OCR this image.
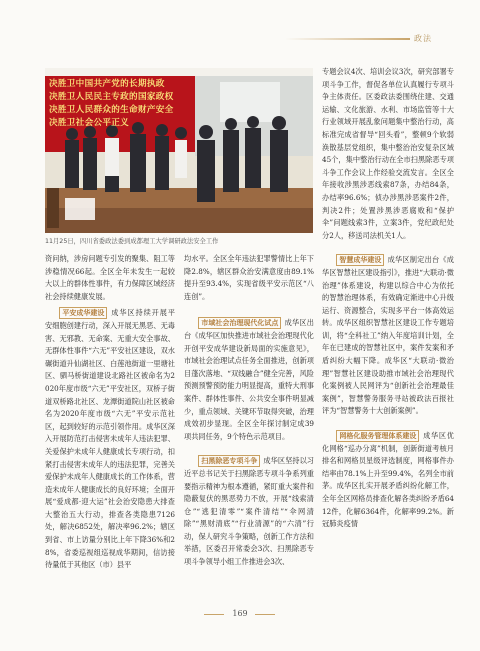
政法
决胜卫中国共产党的长期执政
决胜卫人民民主专政的国家政权
决胜卫人民群众的生命财产安全
决胜卫社会公平正义
11月25日，四川省委政法委到成都理工大学调研政法安全工作

资问纳，涉房问题专引发的聚集、阻工等涉稳情况66起。全区全年未发生一起较大以上的群体性事件，有力保障区域经济社会持续健康发展。

平安成华建设 成华区持续开展平安细胞创建行动，深入开展无黑恶、无毒害、无邪教、无命案、无重大安全事故、无群体性事件“六无”平安社区建设，双水碾街道升仙湖社区、白莲池街道一里塘社区、驷马桥街道建设北路社区被命名为2020年度市级“六无”平安社区，双桥子街道双桥路北社区、龙潭街道院山社区被命名为2020年度市级“六无”平安示范社区，起到较好的示范引领作用。成华区深入开展防范打击侵害未成年人违法犯罪、关爱保护未成年人健康成长专项行动，扣紧打击侵害未成年人的违法犯罪，完善关爱保护未成年人健康成长的工作体系，营造未成年人健康成长的良好环境；全面开展“爱成都·迎大运”社会治安隐患大排查大整治五大行动，排查各类隐患7126处，解决6852处，解决率96.2%；辖区到省、市上访量分别比上年下降36%和28%，省委巡视组巡视成华期间，信访接待量低于其他区（市）县平

均水平。全区全年违法犯罪警情比上年下降2.8%，辖区群众治安满意度由89.1%提升至93.4%，实现省级平安示范区“八连创”。

市域社会治理现代化试点 成华区出台《成华区加快推进市域社会治理现代化开创平安成华建设新局面的实施意见》，市域社会治理试点任务全面推进，创新项目蓬次落地、“双线融合”健全完善，风险预测预警预防能力明显提高，重特大刑事案件、群体性事件、公共安全事件明显减少，重点领域、关键环节取得突破，治理成效初步显现。全区全年探讨制定成39项共同任务，9个特色示范项目。

扫黑除恶专项斗争 成华区坚持以习近平总书记关于扫黑除恶专项斗争系列重要指示精神为根本遵循，紧盯重大案件和隐蔽复伏的黑恶势力不放，开展“线索清仓”“逃犯清零”“案件清结”“伞网清除”“黑财清底”“行业清源”的“六清”行动，保人研究斗争策略，创新工作方法和举措，区委召开常委会3次、扫黑除恶专项斗争领导小组工作推进会3次、

专题会议4次、培训会议3次，研究部署专项斗争工作，督促各单位认真履行专项斗争主体责任。区委政法委围绕住建、交通运输、文化旅游、水利、市场监管等十大行业领域开展乱象问题集中整治行动，高标准完成省督导“回头看”，整顿9个软弱涣散基层党组织，集中整治治安复杂区域45个，集中整治行动在全市扫黑除恶专项斗争工作会议上作经验交流发言。全区全年接收涉黑涉恶线索87条，办结84条，办结率96.6%；侦办涉黑涉恶案件2件，判决2件；处置涉黑涉恶腐败和“保护伞”问题线索3件，立案3件，党纪政纪处分2人，移送司法机关1人。

智慧成华建设 成华区制定出台《成华区智慧社区建设指引》，推进“大联动·微治理”体系建设，构建以综合中心为依托的智慧治理体系，有效确定渐进中心升级运行、资源整合，实现多平台一体高效运转。成华区组织智慧社区建设工作专题培训，将“全科社工”纳入年度培训计划，全年在已建成的智慧社区中，案件发案和矛盾纠纷大幅下降。成华区“大联动·微治理”智慧社区建设助推市域社会治理现代化案例被人民网评为“创新社会治理最佳案例”，智慧警务服务寻站被政法百报社评为“智慧警务十大创新案例”。

网格化服务管理体系建设 成华区优化网格“巡办分离”机制，创新街道考核月排名和网格员星级评选制度，网格事件办结率由78.1%上升至99.4%，名列全市前茅。成华区扎实开展矛盾纠纷化解工作，全年全区网格员排查化解各类纠纷矛盾6412件，化解6364件，化解率99.2%。新冠肺炎疫情

169
